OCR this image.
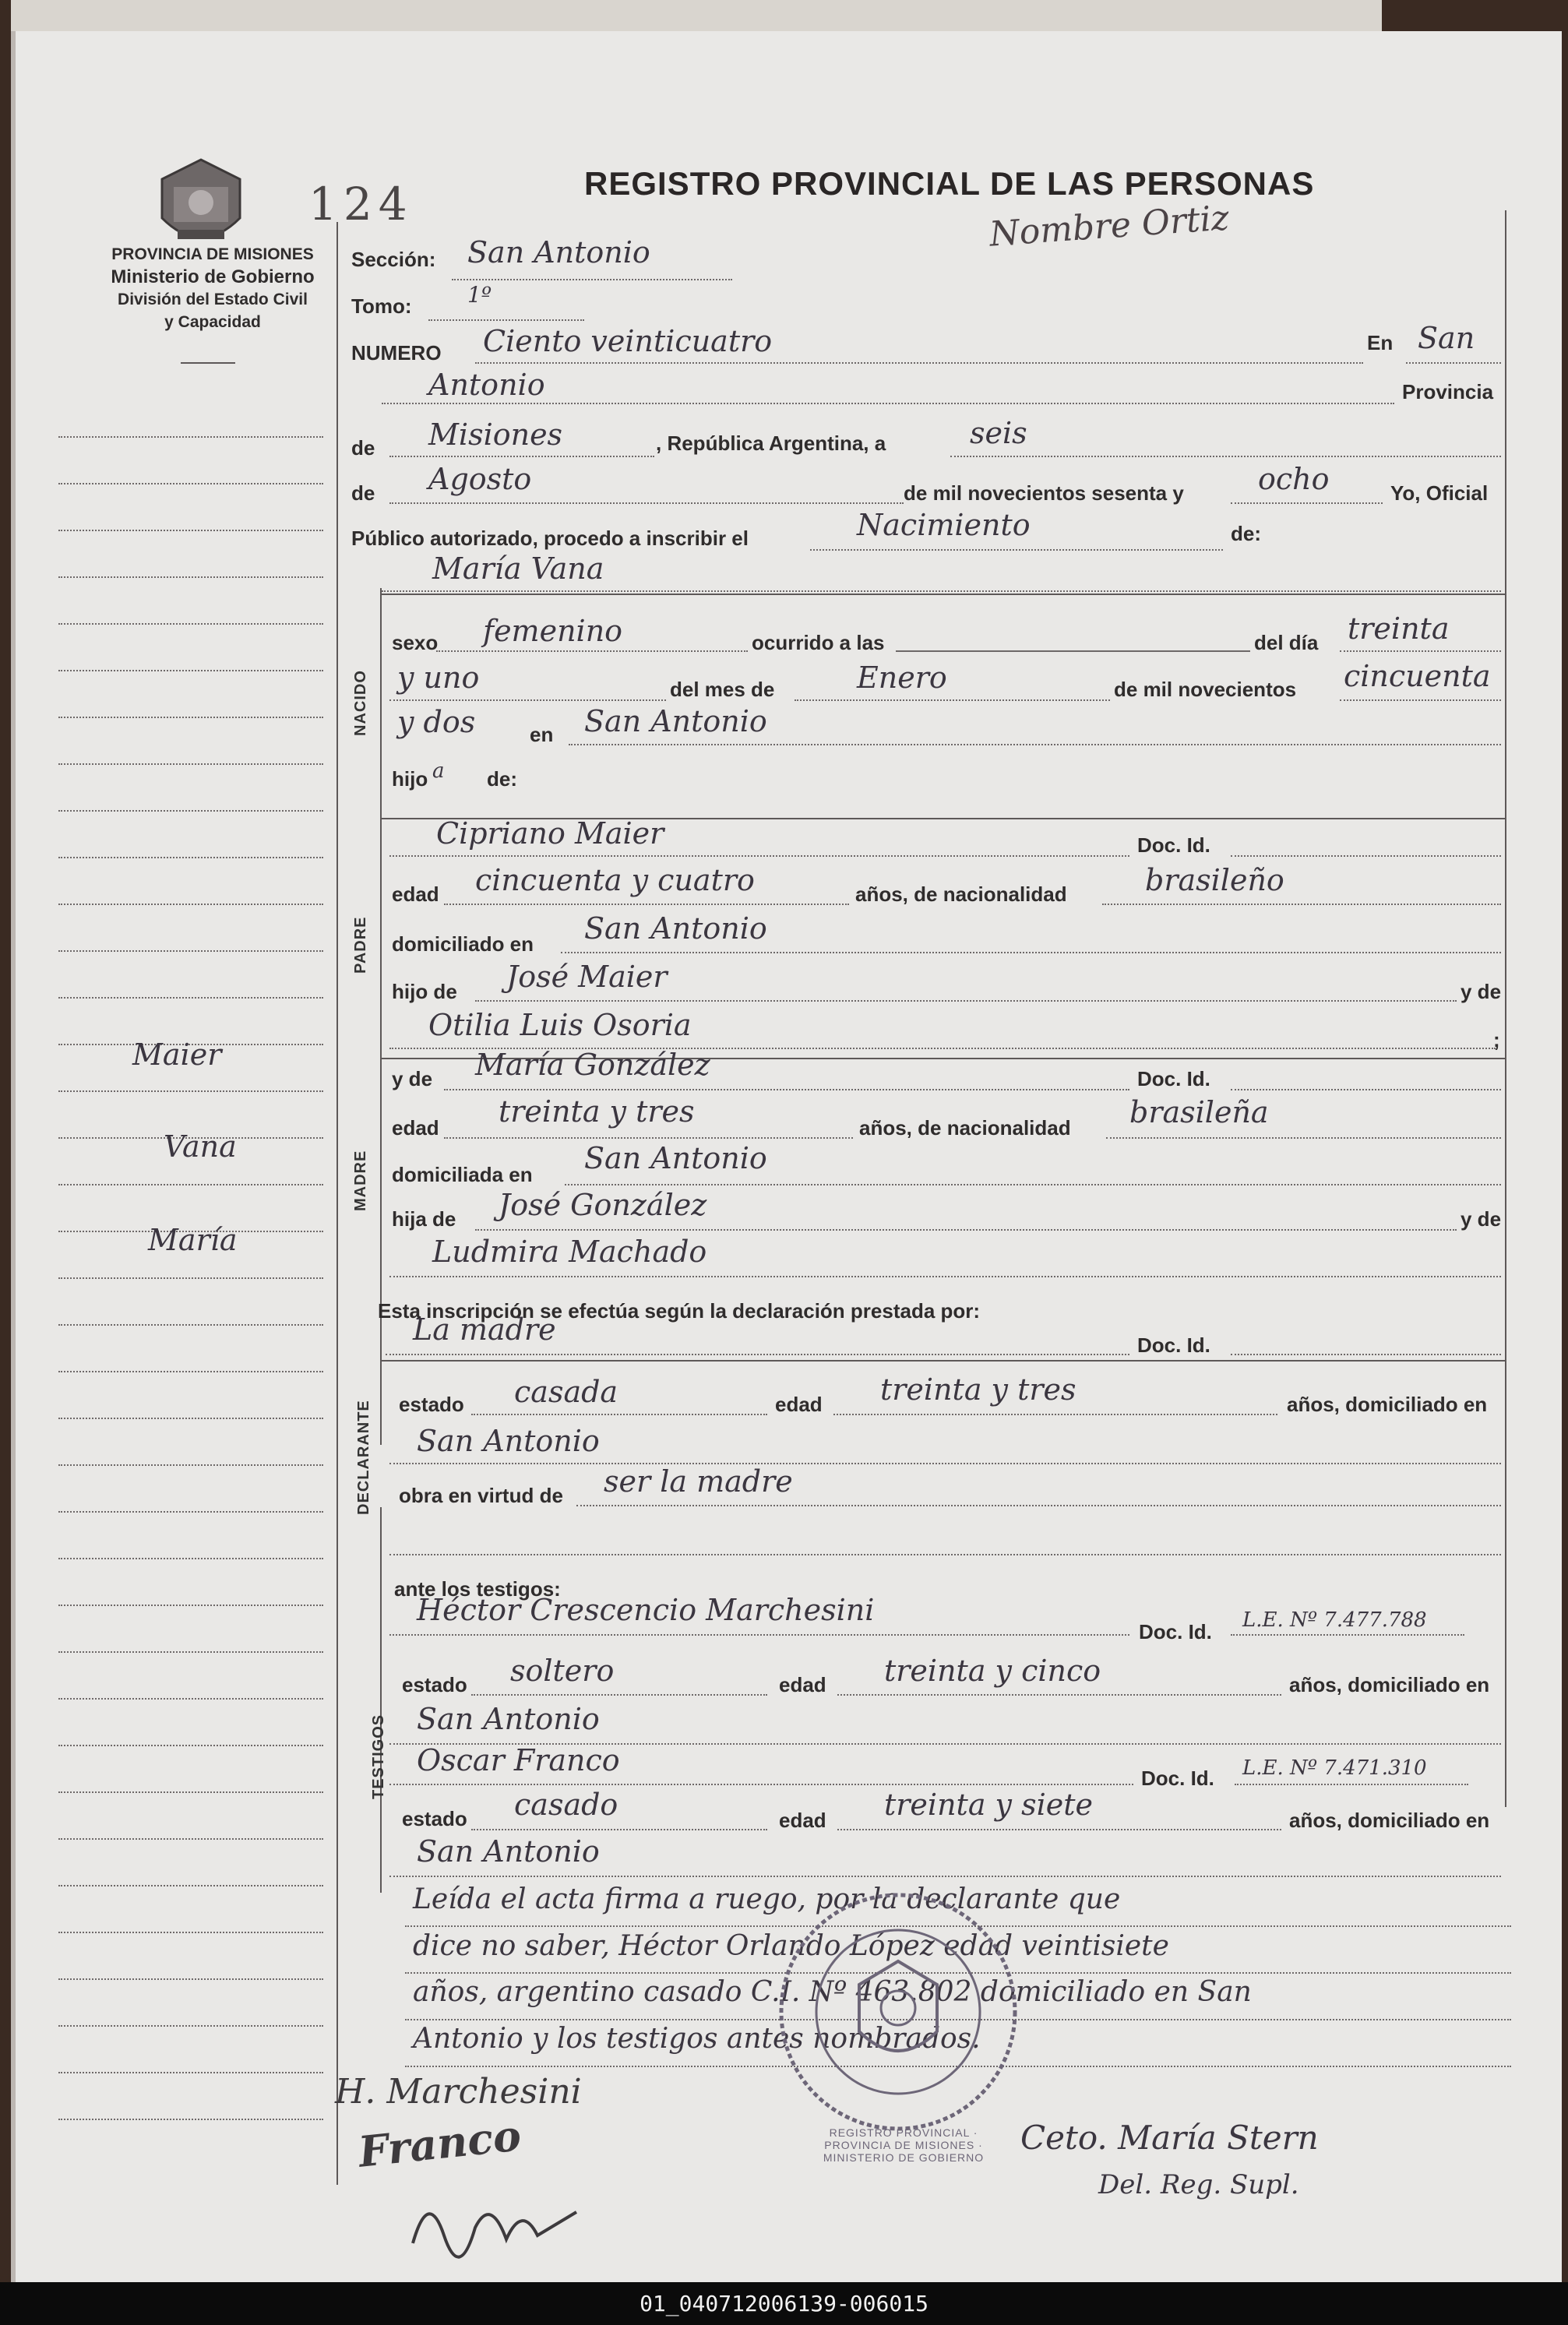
PROVINCIA DE MISIONES
Ministerio de Gobierno
División del Estado Civil
y Capacidad
124	REGISTRO PROVINCIAL DE LAS PERSONAS
Nombre Ortiz
Maier
Vana
María
Sección: San Antonio
Tomo:	1º
NUMERO Ciento veinticuatro	En San
Antonio	Provincia
de Misiones	, República Argentina, a	seis
de Agosto	de mil novecientos sesenta y	ocho	Yo, Oficial
Público autorizado, procedo a inscribir el	Nacimiento	de:
María Vana
NACIDO
sexo femenino	ocurrido a las	del día treinta
y uno	del mes de	Enero	de mil novecientos cincuenta
y dos	en San Antonio
hijo a de:
PADRE
Cipriano Maier	Doc. Id.
edad cincuenta y cuatro	años, de nacionalidad	brasileño
domiciliado en San Antonio
hijo de José Maier	y de
Otilia Luis Osoria	;
MADRE
y de María González	Doc. Id.
edad treinta y tres	años, de nacionalidad brasileña
domiciliada en San Antonio
hija de José González	y de
Ludmira Machado
Esta inscripción se efectúa según la declaración prestada por:
La madre	Doc. Id.
DECLARANTE estado casada	edad treinta y tres	años, domiciliado en
San Antonio
obra en virtud de ser la madre
ante los testigos:
TESTIGOS
Héctor Crescencio Marchesini
Doc. Id. L.E. Nº 7.477.788
estado soltero	edad treinta y cinco	años, domiciliado en
San Antonio
Oscar Franco
Doc. Id. L.E. Nº 7.471.310
estado casado	edad treinta y siete	años, domiciliado en
San Antonio
Leída el acta firma a ruego, por la declarante que
dice no saber, Héctor Orlando López edad veintisiete
años, argentino casado C.I. Nº 463.802 domiciliado en San
Antonio y los testigos antes nombrados.
REGISTRO PROVINCIAL · PROVINCIA DE MISIONES · MINISTERIO DE GOBIERNO
H. Marchesini
Franco	Ceto. María Stern
Del. Reg. Supl.
01_040712006139-006015
